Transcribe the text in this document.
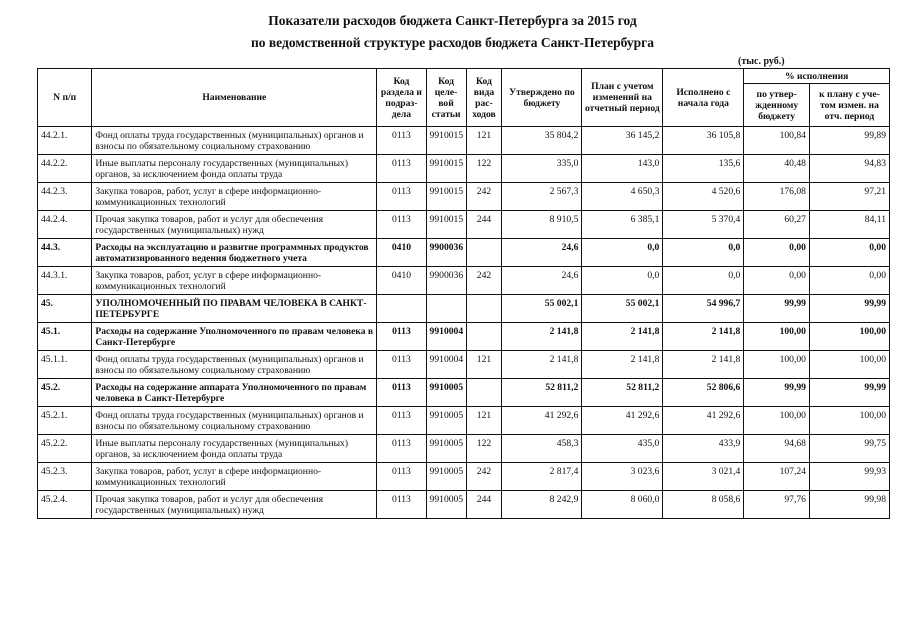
Показатели расходов бюджета Санкт-Петербурга за 2015 год
по ведомственной структуре расходов бюджета Санкт-Петербурга
(тыс. руб.)
N п/п	Наименование	Код раздела и подраз-дела	Код целе-вой статьи	Код вида рас-ходов	Утверждено по бюджету	План с учетом изменений на отчетный период	Исполнено с начала года	% исполнения	
								по утвер-жденному бюджету	к плану с уче-том измен. на отч. период
44.2.1.	Фонд оплаты труда государственных (муниципальных) органов и взносы по обязательному социальному страхованию	0113	9910015	121	35 804,2	36 145,2	36 105,8	100,84	99,89
44.2.2.	Иные выплаты персоналу государственных (муниципальных) органов, за исключением фонда оплаты труда	0113	9910015	122	335,0	143,0	135,6	40,48	94,83
44.2.3.	Закупка товаров, работ, услуг в сфере информационно-коммуникационных технологий	0113	9910015	242	2 567,3	4 650,3	4 520,6	176,08	97,21
44.2.4.	Прочая закупка товаров, работ и услуг для обеспечения государственных (муниципальных) нужд	0113	9910015	244	8 910,5	6 385,1	5 370,4	60,27	84,11
44.3.	Расходы на эксплуатацию и развитие программных продуктов автоматизированного ведения бюджетного учета	0410	9900036		24,6	0,0	0,0	0,00	0,00
44.3.1.	Закупка товаров, работ, услуг в сфере информационно-коммуникационных технологий	0410	9900036	242	24,6	0,0	0,0	0,00	0,00
45.	УПОЛНОМОЧЕННЫЙ ПО ПРАВАМ ЧЕЛОВЕКА В САНКТ-ПЕТЕРБУРГЕ				55 002,1	55 002,1	54 996,7	99,99	99,99
45.1.	Расходы на содержание Уполномоченного по правам человека в Санкт-Петербурге	0113	9910004		2 141,8	2 141,8	2 141,8	100,00	100,00
45.1.1.	Фонд оплаты труда государственных (муниципальных) органов и взносы по обязательному социальному страхованию	0113	9910004	121	2 141,8	2 141,8	2 141,8	100,00	100,00
45.2.	Расходы на содержание аппарата Уполномоченного по правам человека в Санкт-Петербурге	0113	9910005		52 811,2	52 811,2	52 806,6	99,99	99,99
45.2.1.	Фонд оплаты труда государственных (муниципальных) органов и взносы по обязательному социальному страхованию	0113	9910005	121	41 292,6	41 292,6	41 292,6	100,00	100,00
45.2.2.	Иные выплаты персоналу государственных (муниципальных) органов, за исключением фонда оплаты труда	0113	9910005	122	458,3	435,0	433,9	94,68	99,75
45.2.3.	Закупка товаров, работ, услуг в сфере информационно-коммуникационных технологий	0113	9910005	242	2 817,4	3 023,6	3 021,4	107,24	99,93
45.2.4.	Прочая закупка товаров, работ и услуг для обеспечения государственных (муниципальных) нужд	0113	9910005	244	8 242,9	8 060,0	8 058,6	97,76	99,98
